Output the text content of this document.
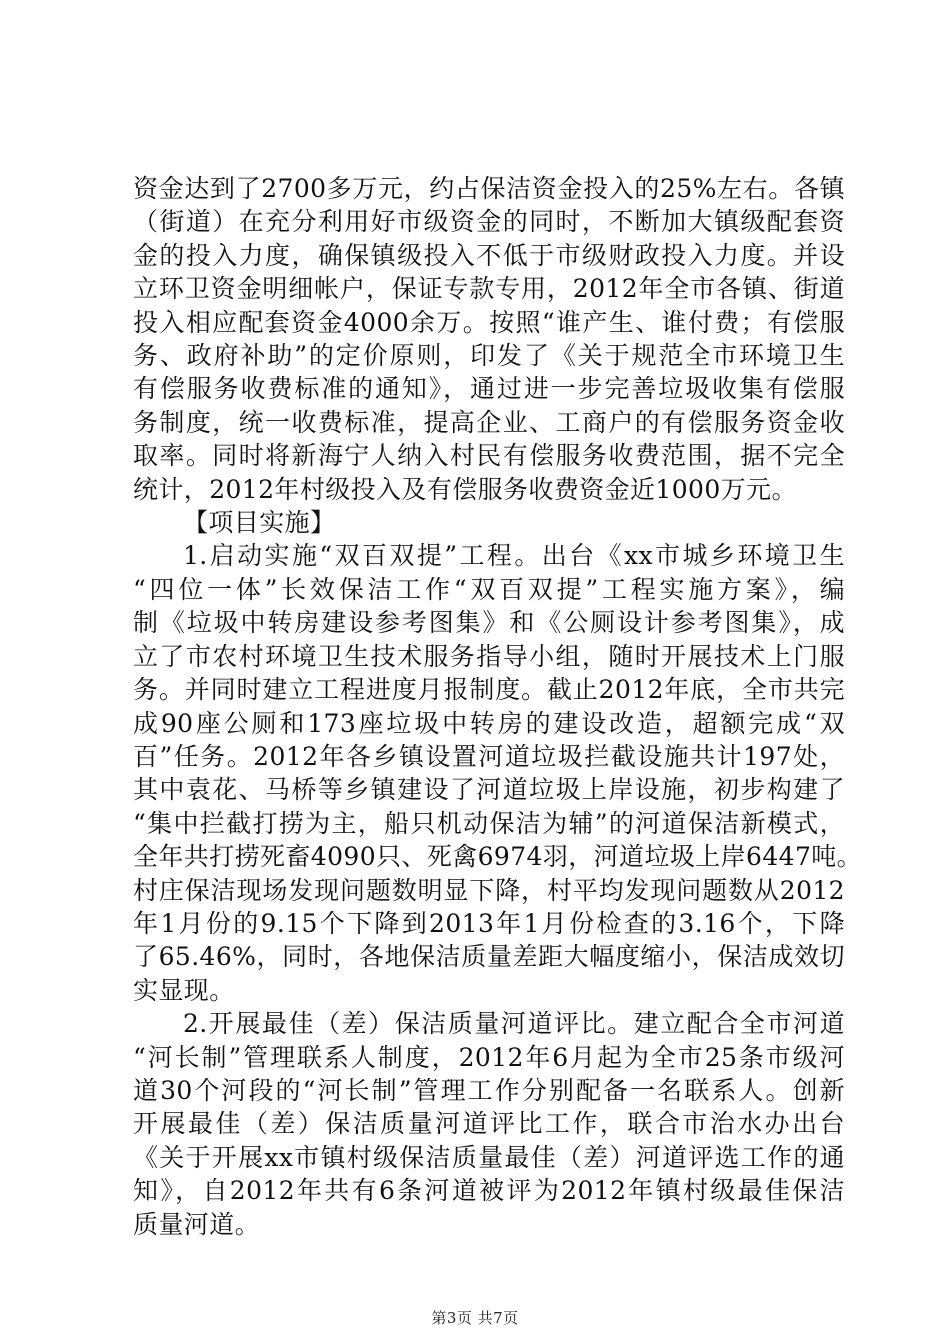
资金达到了2700多万元，约占保洁资金投入的25%左右。各镇
（街道）在充分利用好市级资金的同时，不断加大镇级配套资
金的投入力度，确保镇级投入不低于市级财政投入力度。并设
立环卫资金明细帐户，保证专款专用，2012年全市各镇、街道
投入相应配套资金4000余万。按照“谁产生、谁付费；有偿服
务、政府补助”的定价原则，印发了《关于规范全市环境卫生
有偿服务收费标准的通知》，通过进一步完善垃圾收集有偿服
务制度，统一收费标准，提高企业、工商户的有偿服务资金收
取率。同时将新海宁人纳入村民有偿服务收费范围，据不完全
统计，2012年村级投入及有偿服务收费资金近1000万元。

【项目实施】

1.启动实施“双百双提”工程。出台《xx市城乡环境卫生
“四位一体”长效保洁工作“双百双提”工程实施方案》，编
制《垃圾中转房建设参考图集》和《公厕设计参考图集》，成
立了市农村环境卫生技术服务指导小组，随时开展技术上门服
务。并同时建立工程进度月报制度。截止2012年底，全市共完
成90座公厕和173座垃圾中转房的建设改造，超额完成“双
百”任务。2012年各乡镇设置河道垃圾拦截设施共计197处，
其中袁花、马桥等乡镇建设了河道垃圾上岸设施，初步构建了
“集中拦截打捞为主，船只机动保洁为辅”的河道保洁新模式，
全年共打捞死畜4090只、死禽6974羽，河道垃圾上岸6447吨。
村庄保洁现场发现问题数明显下降，村平均发现问题数从2012
年1月份的9.15个下降到2013年1月份检查的3.16个，下降
了65.46%，同时，各地保洁质量差距大幅度缩小，保洁成效切
实显现。

2.开展最佳（差）保洁质量河道评比。建立配合全市河道
“河长制”管理联系人制度，2012年6月起为全市25条市级河
道30个河段的“河长制”管理工作分别配备一名联系人。创新
开展最佳（差）保洁质量河道评比工作，联合市治水办出台
《关于开展xx市镇村级保洁质量最佳（差）河道评选工作的通
知》，自2012年共有6条河道被评为2012年镇村级最佳保洁
质量河道。

第3页 共7页
